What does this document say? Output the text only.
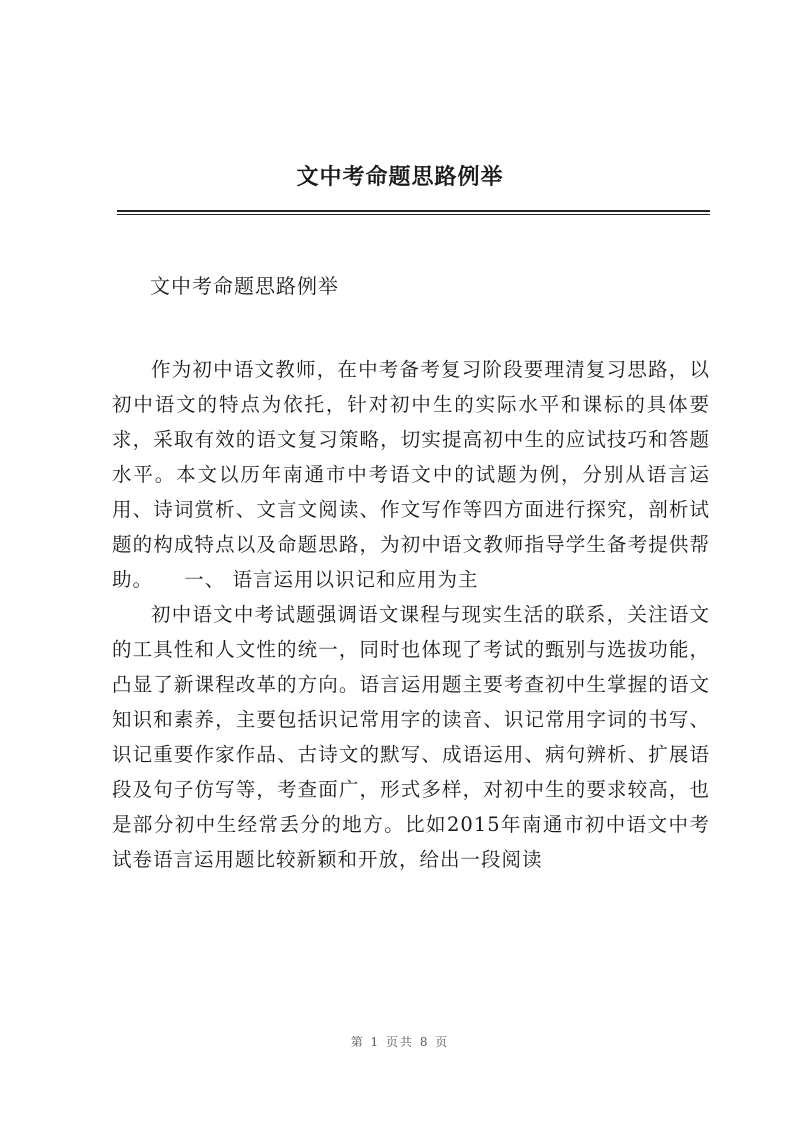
文中考命题思路例举

文中考命题思路例举

作为初中语文教师，在中考备考复习阶段要理清复习思路，以初中语文的特点为依托，针对初中生的实际水平和课标的具体要求，采取有效的语文复习策略，切实提高初中生的应试技巧和答题水平。本文以历年南通市中考语文中的试题为例，分别从语言运用、诗词赏析、文言文阅读、作文写作等四方面进行探究，剖析试题的构成特点以及命题思路，为初中语文教师指导学生备考提供帮助。　　一、 语言运用以识记和应用为主

初中语文中考试题强调语文课程与现实生活的联系，关注语文的工具性和人文性的统一，同时也体现了考试的甄别与选拔功能，凸显了新课程改革的方向。语言运用题主要考查初中生掌握的语文知识和素养，主要包括识记常用字的读音、识记常用字词的书写、识记重要作家作品、古诗文的默写、成语运用、病句辨析、扩展语段及句子仿写等，考查面广，形式多样，对初中生的要求较高，也是部分初中生经常丢分的地方。比如2015年南通市初中语文中考试卷语言运用题比较新颖和开放，给出一段阅读

第 1 页共 8 页
